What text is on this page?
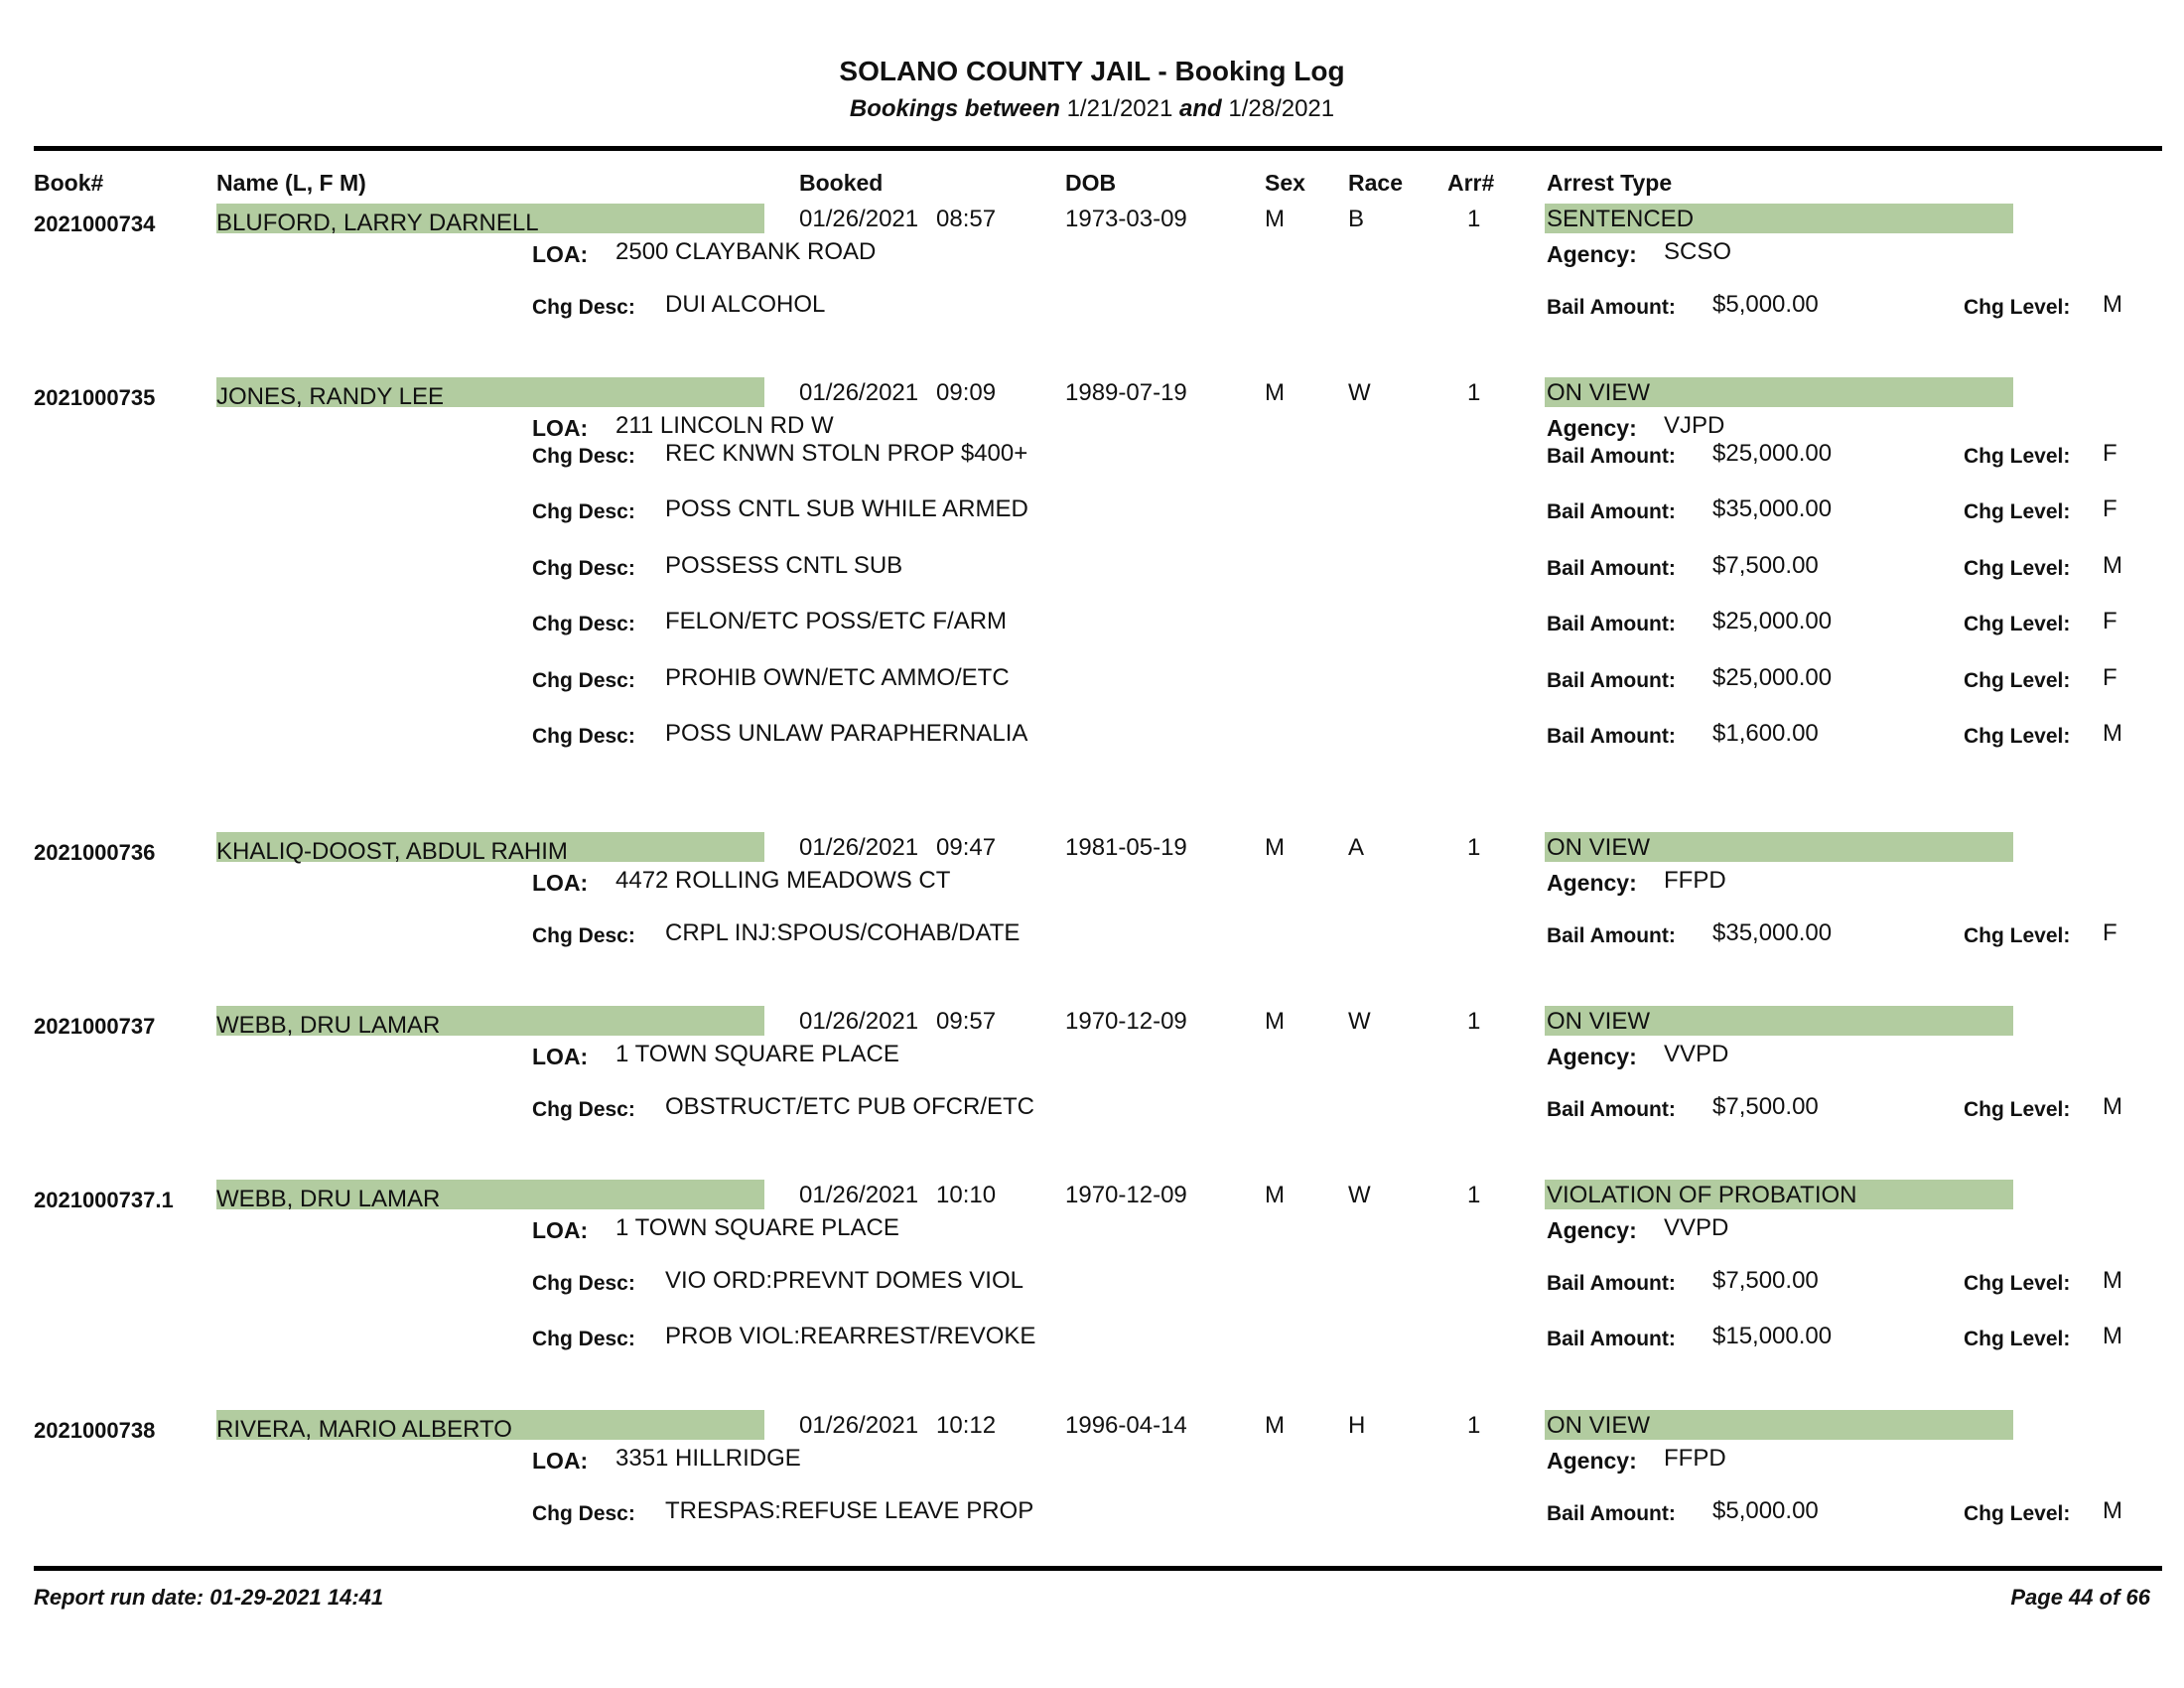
SOLANO COUNTY JAIL - Booking Log
Bookings between 1/21/2021 and 1/28/2021
Book#	Name (L, F M)	Booked	DOB	Sex Race Arr# Arrest Type
2021000734	BLUFORD, LARRY DARNELL	01/26/2021 08:57	1973-03-09	M	B	1	SENTENCED
LOA: 2500 CLAYBANK ROAD	Agency: SCSO
Chg Desc: DUI ALCOHOL	Bail Amount: $5,000.00	Chg Level: M
2021000735	JONES, RANDY LEE	01/26/2021 09:09	1989-07-19	M	W	1	ON VIEW
LOA: 211 LINCOLN RD W	Agency: VJPD
Chg Desc: REC KNWN STOLN PROP $400+	Bail Amount: $25,000.00	Chg Level: F
Chg Desc: POSS CNTL SUB WHILE ARMED	Bail Amount: $35,000.00	Chg Level: F
Chg Desc: POSSESS CNTL SUB	Bail Amount: $7,500.00	Chg Level: M
Chg Desc: FELON/ETC POSS/ETC F/ARM	Bail Amount: $25,000.00	Chg Level: F
Chg Desc: PROHIB OWN/ETC AMMO/ETC	Bail Amount: $25,000.00	Chg Level: F
Chg Desc: POSS UNLAW PARAPHERNALIA	Bail Amount: $1,600.00	Chg Level: M
2021000736	KHALIQ-DOOST, ABDUL RAHIM	01/26/2021 09:47	1981-05-19	M	A	1	ON VIEW
LOA: 4472 ROLLING MEADOWS CT	Agency: FFPD
Chg Desc: CRPL INJ:SPOUS/COHAB/DATE	Bail Amount: $35,000.00	Chg Level: F
2021000737	WEBB, DRU LAMAR	01/26/2021 09:57	1970-12-09	M	W	1	ON VIEW
LOA: 1 TOWN SQUARE PLACE	Agency: VVPD
Chg Desc: OBSTRUCT/ETC PUB OFCR/ETC	Bail Amount: $7,500.00	Chg Level: M
2021000737.1 WEBB, DRU LAMAR	01/26/2021 10:10	1970-12-09	M	W	1	VIOLATION OF PROBATION
LOA: 1 TOWN SQUARE PLACE	Agency: VVPD
Chg Desc: VIO ORD:PREVNT DOMES VIOL	Bail Amount: $7,500.00	Chg Level: M
Chg Desc: PROB VIOL:REARREST/REVOKE	Bail Amount: $15,000.00	Chg Level: M
2021000738	RIVERA, MARIO ALBERTO	01/26/2021 10:12	1996-04-14	M	H	1	ON VIEW
LOA: 3351 HILLRIDGE	Agency: FFPD
Chg Desc: TRESPAS:REFUSE LEAVE PROP	Bail Amount: $5,000.00	Chg Level: M
Report run date: 01-29-2021 14:41	Page 44 of 66
